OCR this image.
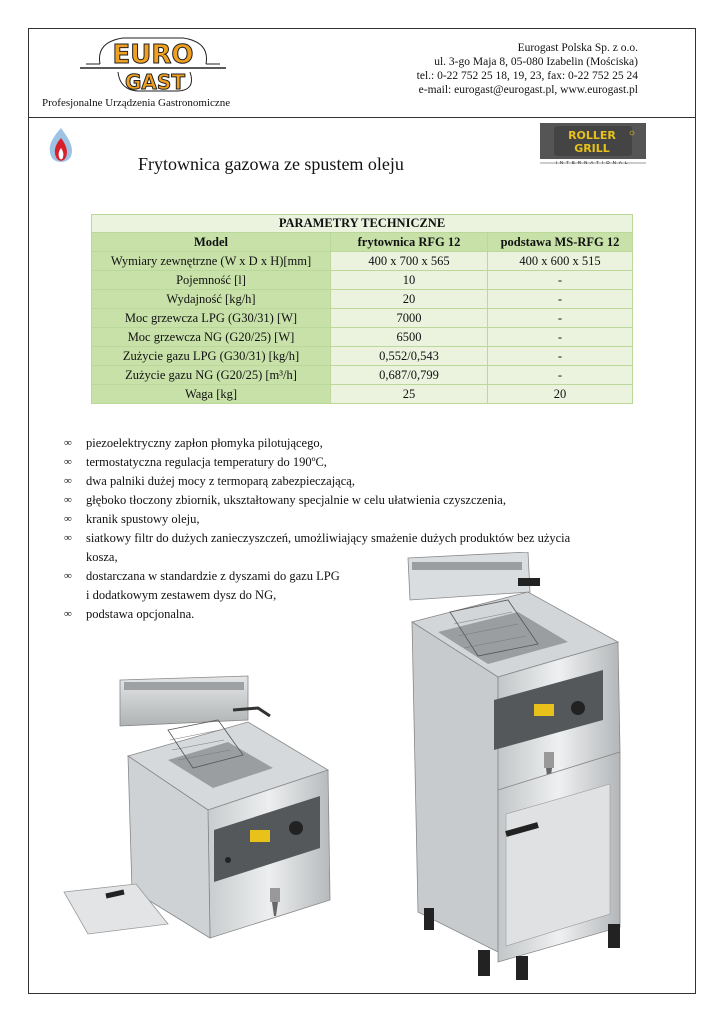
EURO
GAST
Profesjonalne Urządzenia Gastronomiczne
Eurogast Polska Sp. z o.o.
ul. 3-go Maja 8, 05-080 Izabelin (Mościska)
tel.: 0-22 752 25 18, 19, 23, fax: 0-22 752 25 24
e-mail: eurogast@eurogast.pl, www.eurogast.pl
ROLLER
GRILL
INTERNATIONAL
Frytownica gazowa ze spustem oleju
PARAMETRY TECHNICZNE		
Model	frytownica RFG 12	podstawa MS-RFG 12
Wymiary zewnętrzne (W x D x H)[mm]	400 x 700 x 565	400 x 600 x 515
Pojemność [l]	10	-
Wydajność [kg/h]	20	-
Moc grzewcza LPG (G30/31) [W]	7000	-
Moc grzewcza NG (G20/25) [W]	6500	-
Zużycie gazu LPG (G30/31) [kg/h]	0,552/0,543	-
Zużycie gazu NG (G20/25) [m³/h]	0,687/0,799	-
Waga [kg]	25	20
∞ piezoelektryczny zapłon płomyka pilotującego,
∞ termostatyczna regulacja temperatury do 190ºC,
∞ dwa palniki dużej mocy z termoparą zabezpieczającą,
∞ głęboko tłoczony zbiornik, ukształtowany specjalnie w celu ułatwienia czyszczenia,
∞ kranik spustowy oleju,
∞ siatkowy filtr do dużych zanieczyszczeń, umożliwiający smażenie dużych produktów bez użycia
kosza,
∞ dostarczana w standardzie z dyszami do gazu LPG
i dodatkowym zestawem dysz do NG,
∞ podstawa opcjonalna.
